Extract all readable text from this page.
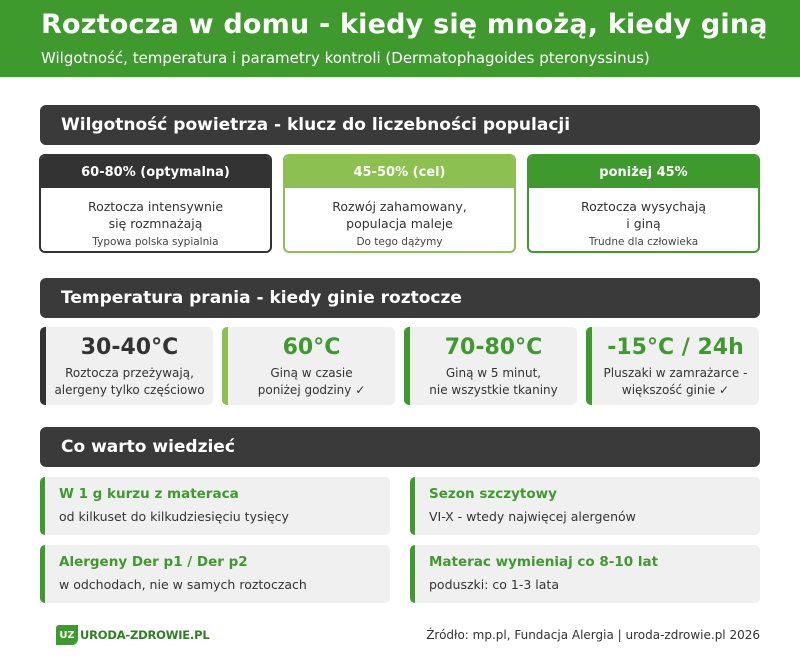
Roztocza w domu - kiedy się mnożą, kiedy giną
Wilgotność, temperatura i parametry kontroli (Dermatophagoides pteronyssinus)
Wilgotność powietrza - klucz do liczebności populacji
60-80% (optymalna)
Roztocza intensywnie
się rozmnażają
Typowa polska sypialnia
45-50% (cel)
Rozwój zahamowany,
populacja maleje
Do tego dążymy
poniżej 45%
Roztocza wysychają
i giną
Trudne dla człowieka
Temperatura prania - kiedy ginie roztocze
30-40°C
Roztocza przeżywają,
alergeny tylko częściowo
60°C
Giną w czasie
poniżej godziny ✓
70-80°C
Giną w 5 minut,
nie wszystkie tkaniny
-15°C / 24h
Pluszaki w zamrażarce -
większość ginie ✓
Co warto wiedzieć
W 1 g kurzu z materaca
od kilkuset do kilkudziesięciu tysięcy
Sezon szczytowy
VI-X - wtedy najwięcej alergenów
Alergeny Der p1 / Der p2
w odchodach, nie w samych roztoczach
Materac wymieniaj co 8-10 lat
poduszki: co 1-3 lata
UZ URODA-ZDROWIE.PL	Źródło: mp.pl, Fundacja Alergia | uroda-zdrowie.pl 2026
